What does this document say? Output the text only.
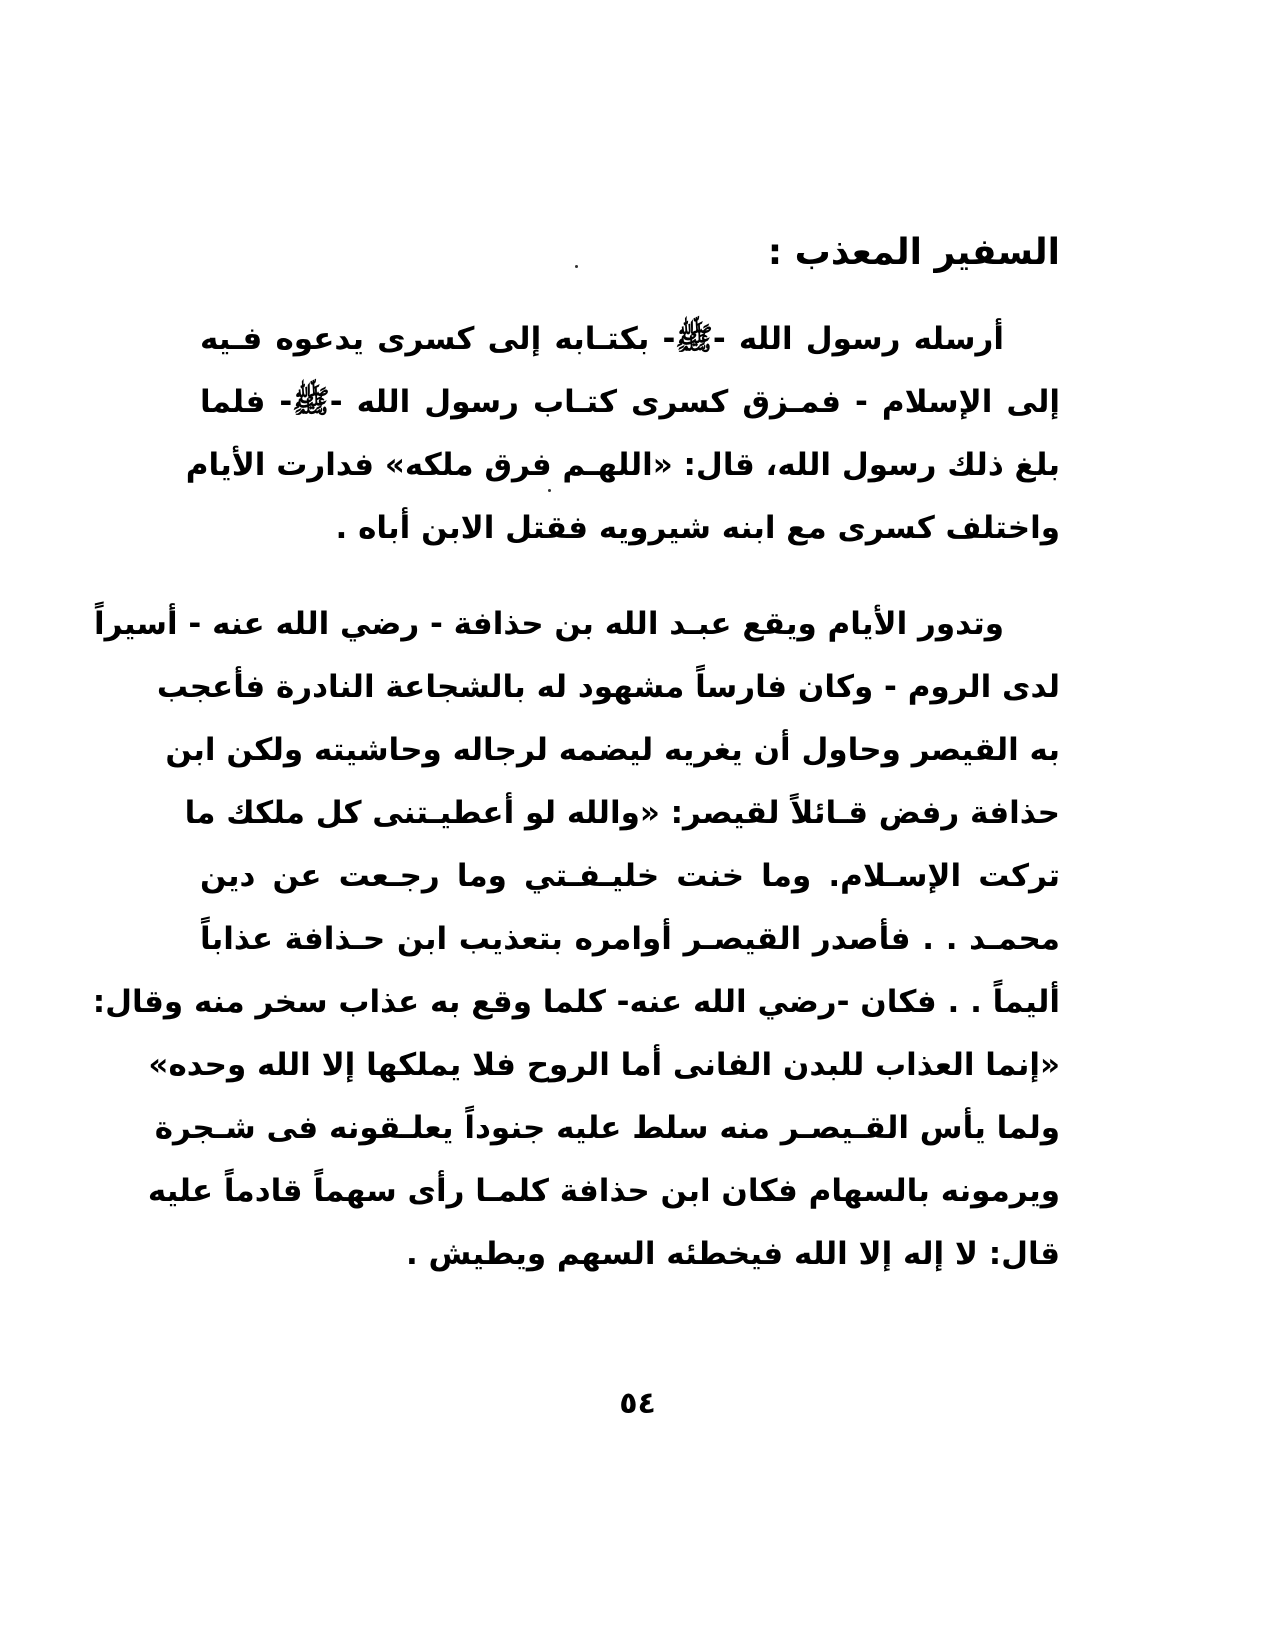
السفير المعذب :
أرسله رسول الله -ﷺ- بكتـابه إلى كسرى يدعوه فـيه
إلى الإسلام - فمـزق كسرى كتـاب رسول الله -ﷺ- فلما
بلغ ذلك رسول الله، قال: «اللهـم فرق ملكه» فدارت الأيام
واختلف كسرى مع ابنه شيرويه فقتل الابن أباه .
وتدور الأيام ويقع عبـد الله بن حذافة - رضي الله عنه - أسيراً
لدى الروم - وكان فارساً مشهود له بالشجاعة النادرة فأعجب
به القيصر وحاول أن يغريه ليضمه لرجاله وحاشيته ولكن ابن
حذافة رفض قـائلاً لقيصر: «والله لو أعطيـتنى كل ملكك ما
تركت الإسـلام. وما خنت خليـفـتي وما رجـعت عن دين
محمـد . . فأصدر القيصـر أوامره بتعذيب ابن حـذافة عذاباً
أليماً . . فكان -رضي الله عنه- كلما وقع به عذاب سخر منه وقال:
«إنما العذاب للبدن الفانى أما الروح فلا يملكها إلا الله وحده»
ولما يأس القـيصـر منه سلط عليه جنوداً يعلـقونه فى شـجرة
ويرمونه بالسهام فكان ابن حذافة كلمـا رأى سهماً قادماً عليه
قال: لا إله إلا الله فيخطئه السهم ويطيش .
٥٤
